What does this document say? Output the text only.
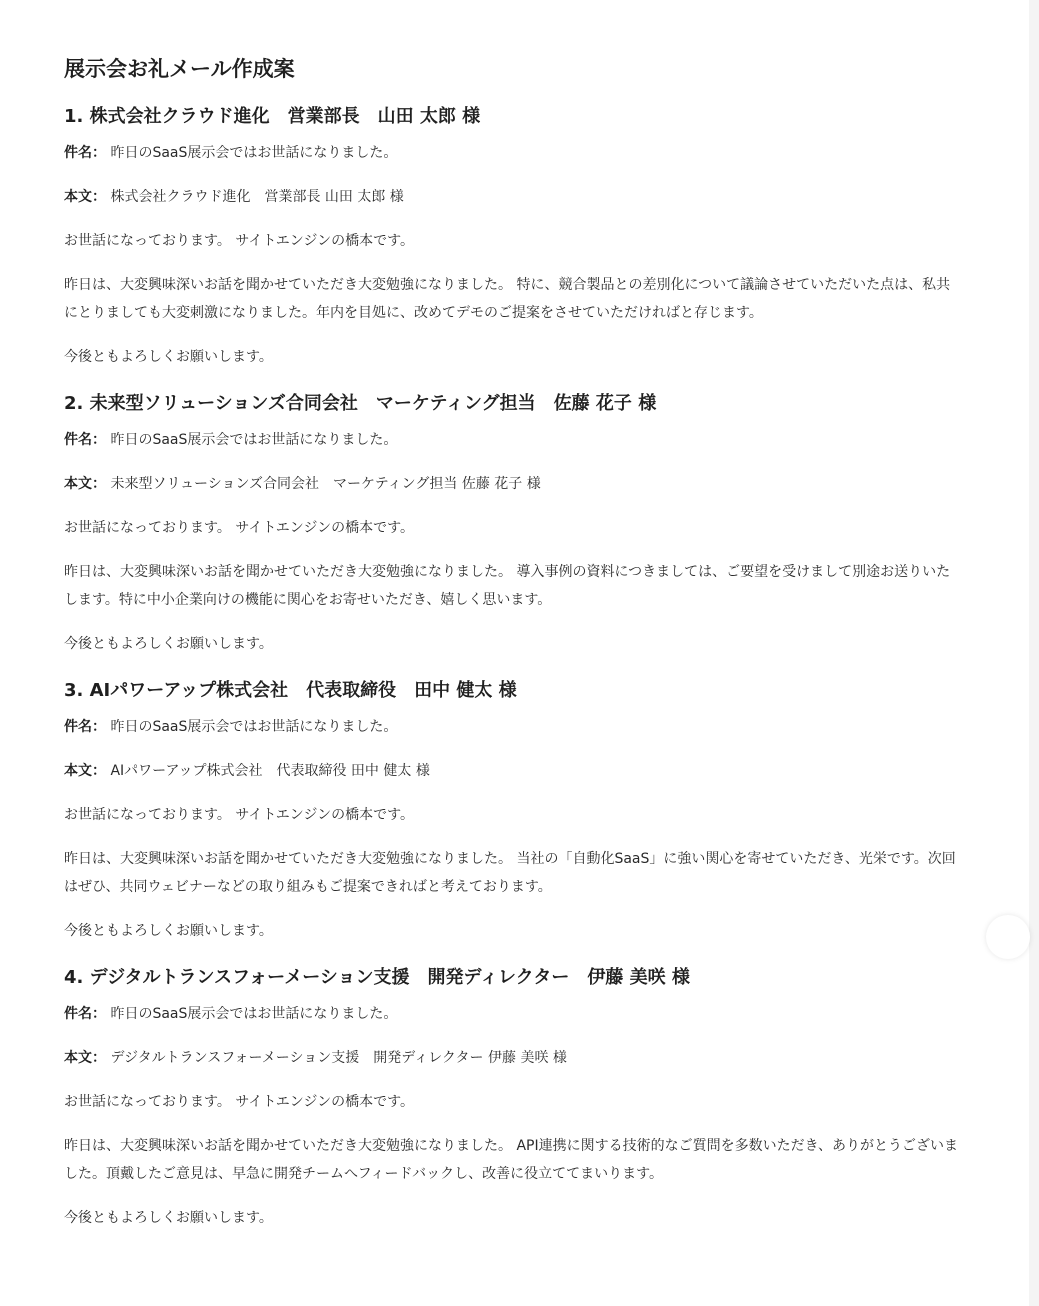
展示会お礼メール作成案
1. 株式会社クラウド進化　営業部長　山田 太郎 様

件名： 昨日のSaaS展示会ではお世話になりました。

本文： 株式会社クラウド進化　営業部長 山田 太郎 様

お世話になっております。 サイトエンジンの橋本です。

昨日は、大変興味深いお話を聞かせていただき大変勉強になりました。 特に、競合製品との差別化について議論させていただいた点は、私共にとりましても大変刺激になりました。年内を目処に、改めてデモのご提案をさせていただければと存じます。

今後ともよろしくお願いします。

2. 未来型ソリューションズ合同会社　マーケティング担当　佐藤 花子 様

件名： 昨日のSaaS展示会ではお世話になりました。

本文： 未来型ソリューションズ合同会社　マーケティング担当 佐藤 花子 様

お世話になっております。 サイトエンジンの橋本です。

昨日は、大変興味深いお話を聞かせていただき大変勉強になりました。 導入事例の資料につきましては、ご要望を受けまして別途お送りいたします。特に中小企業向けの機能に関心をお寄せいただき、嬉しく思います。

今後ともよろしくお願いします。

3. AIパワーアップ株式会社　代表取締役　田中 健太 様

件名： 昨日のSaaS展示会ではお世話になりました。

本文： AIパワーアップ株式会社　代表取締役 田中 健太 様

お世話になっております。 サイトエンジンの橋本です。

昨日は、大変興味深いお話を聞かせていただき大変勉強になりました。 当社の「自動化SaaS」に強い関心を寄せていただき、光栄です。次回はぜひ、共同ウェビナーなどの取り組みもご提案できればと考えております。

今後ともよろしくお願いします。

4. デジタルトランスフォーメーション支援　開発ディレクター　伊藤 美咲 様

件名： 昨日のSaaS展示会ではお世話になりました。

本文： デジタルトランスフォーメーション支援　開発ディレクター 伊藤 美咲 様

お世話になっております。 サイトエンジンの橋本です。

昨日は、大変興味深いお話を聞かせていただき大変勉強になりました。 API連携に関する技術的なご質問を多数いただき、ありがとうございました。頂戴したご意見は、早急に開発チームへフィードバックし、改善に役立ててまいります。

今後ともよろしくお願いします。
